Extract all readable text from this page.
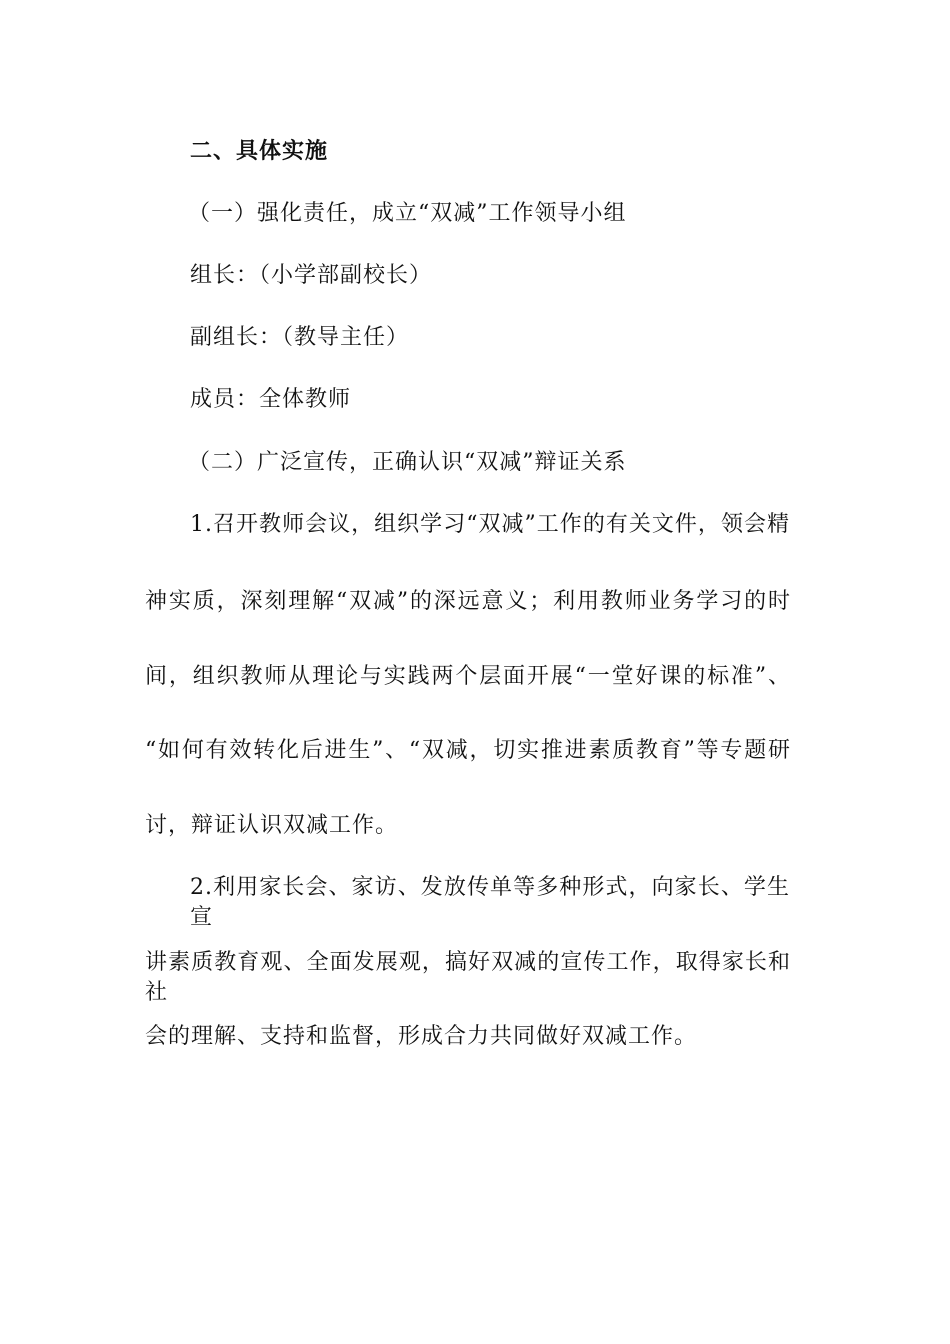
二、具体实施
（一）强化责任，成立“双减”工作领导小组
组长：（小学部副校长）
副组长：（教导主任）
成员：全体教师
（二）广泛宣传，正确认识“双减”辩证关系
1.召开教师会议，组织学习“双减”工作的有关文件，领会精
神实质，深刻理解“双减”的深远意义；利用教师业务学习的时
间，组织教师从理论与实践两个层面开展“一堂好课的标准”、
“如何有效转化后进生”、“双减，切实推进素质教育”等专题研
讨，辩证认识双减工作。
2.利用家长会、家访、发放传单等多种形式，向家长、学生宣
讲素质教育观、全面发展观，搞好双减的宣传工作，取得家长和社
会的理解、支持和监督，形成合力共同做好双减工作。
